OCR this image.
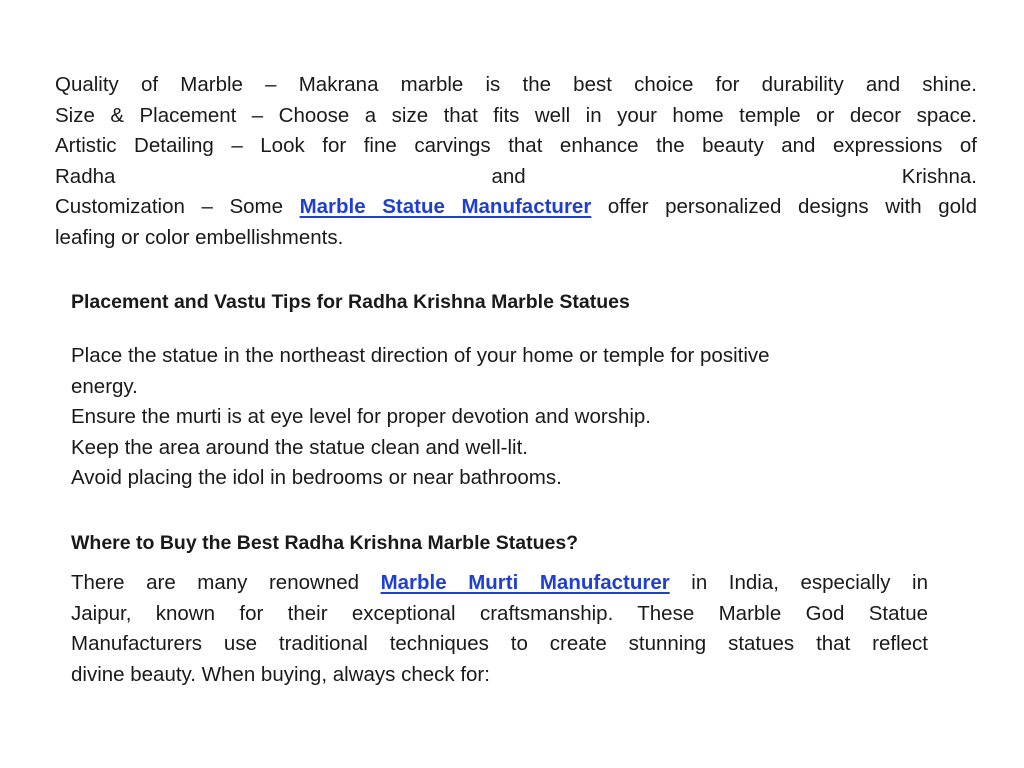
Quality of Marble – Makrana marble is the best choice for durability and shine.
Size & Placement – Choose a size that fits well in your home temple or decor space.
Artistic Detailing – Look for fine carvings that enhance the beauty and expressions of
Radha	and	Krishna.
Customization – Some Marble Statue Manufacturer offer personalized designs with gold
leafing or color embellishments.
Placement and Vastu Tips for Radha Krishna Marble Statues
Place the statue in the northeast direction of your home or temple for positive
energy.
Ensure the murti is at eye level for proper devotion and worship.
Keep the area around the statue clean and well-lit.
Avoid placing the idol in bedrooms or near bathrooms.
Where to Buy the Best Radha Krishna Marble Statues?
There are many renowned Marble Murti Manufacturer in India, especially in
Jaipur, known for their exceptional craftsmanship. These Marble God Statue
Manufacturers use traditional techniques to create stunning statues that reflect
divine beauty. When buying, always check for:
